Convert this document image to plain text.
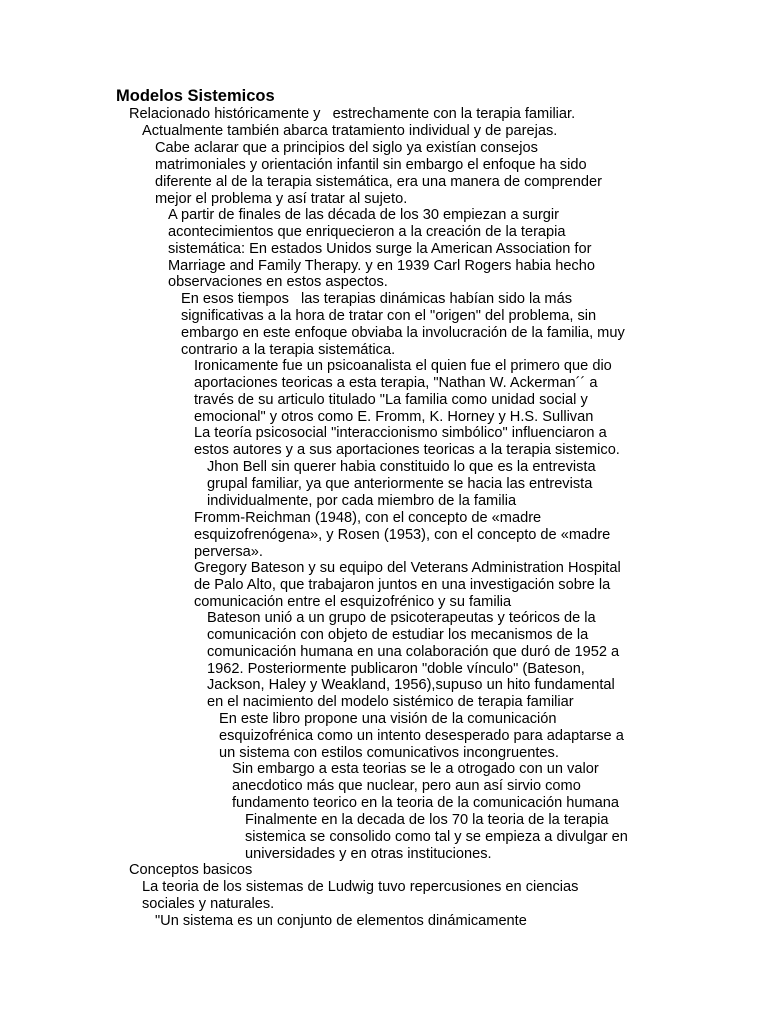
Modelos Sistemicos

Relacionado históricamente y   estrechamente con la terapia familiar.

Actualmente también abarca tratamiento individual y de parejas.

Cabe aclarar que a principios del siglo ya existían consejos
matrimoniales y orientación infantil sin embargo el enfoque ha sido
diferente al de la terapia sistemática, era una manera de comprender
mejor el problema y así tratar al sujeto.

A partir de finales de las década de los 30 empiezan a surgir
acontecimientos que enriquecieron a la creación de la terapia
sistemática: En estados Unidos surge la American Association for
Marriage and Family Therapy. y en 1939 Carl Rogers habia hecho
observaciones en estos aspectos.

En esos tiempos   las terapias dinámicas habían sido la más
significativas a la hora de tratar con el "origen" del problema, sin
embargo en este enfoque obviaba la involucración de la familia, muy
contrario a la terapia sistemática.

Ironicamente fue un psicoanalista el quien fue el primero que dio
aportaciones teoricas a esta terapia, "Nathan W. Ackerman´´ a
través de su articulo titulado "La familia como unidad social y
emocional" y otros como E. Fromm, K. Horney y H.S. Sullivan

La teoría psicosocial "interaccionismo simbólico" influenciaron a
estos autores y a sus aportaciones teoricas a la terapia sistemico.

Jhon Bell sin querer habia constituido lo que es la entrevista
grupal familiar, ya que anteriormente se hacia las entrevista
individualmente, por cada miembro de la familia

Fromm-Reichman (1948), con el concepto de «madre
esquizofrenógena», y Rosen (1953), con el concepto de «madre
perversa».

Gregory Bateson y su equipo del Veterans Administration Hospital
de Palo Alto, que trabajaron juntos en una investigación sobre la
comunicación entre el esquizofrénico y su familia

Bateson unió a un grupo de psicoterapeutas y teóricos de la
comunicación con objeto de estudiar los mecanismos de la
comunicación humana en una colaboración que duró de 1952 a
1962. Posteriormente publicaron "doble vínculo" (Bateson,
Jackson, Haley y Weakland, 1956),supuso un hito fundamental
en el nacimiento del modelo sistémico de terapia familiar

En este libro propone una visión de la comunicación
esquizofrénica como un intento desesperado para adaptarse a
un sistema con estilos comunicativos incongruentes.

Sin embargo a esta teorias se le a otrogado con un valor
anecdotico más que nuclear, pero aun así sirvio como
fundamento teorico en la teoria de la comunicación humana

Finalmente en la decada de los 70 la teoria de la terapia
sistemica se consolido como tal y se empieza a divulgar en
universidades y en otras instituciones.

Conceptos basicos

La teoria de los sistemas de Ludwig tuvo repercusiones en ciencias
sociales y naturales.

"Un sistema es un conjunto de elementos dinámicamente
